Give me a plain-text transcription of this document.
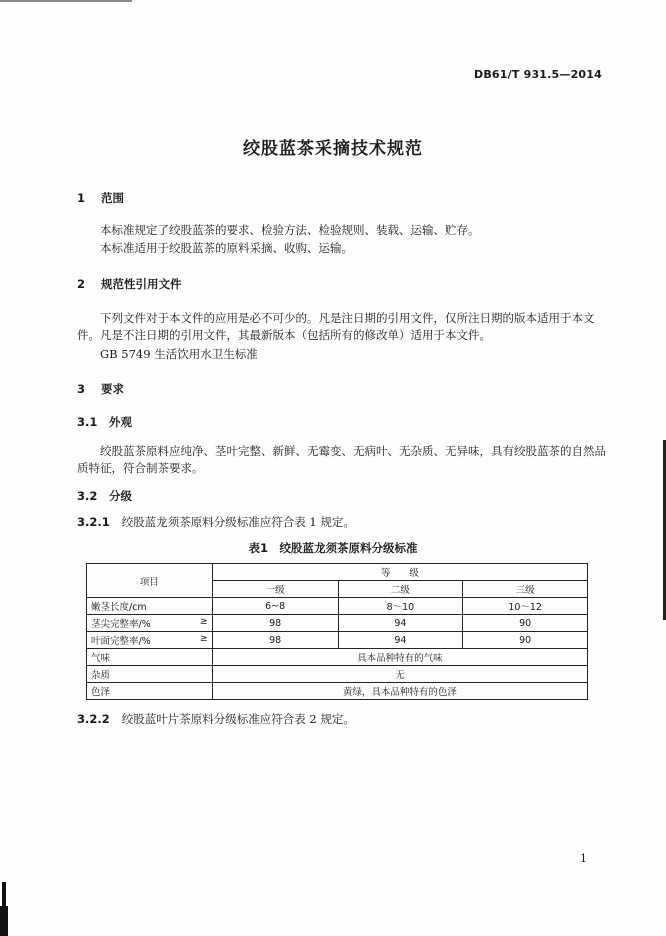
DB61/T 931.5—2014
绞股蓝茶采摘技术规范
1 范围
本标准规定了绞股蓝茶的要求、检验方法、检验规则、装载、运输、贮存。
本标准适用于绞股蓝茶的原料采摘、收购、运输。
2 规范性引用文件
下列文件对于本文件的应用是必不可少的。凡是注日期的引用文件，仅所注日期的版本适用于本文件。凡是不注日期的引用文件，其最新版本（包括所有的修改单）适用于本文件。
GB 5749 生活饮用水卫生标准
3 要求
3.1 外观
绞股蓝茶原料应纯净、茎叶完整、新鲜、无霉变、无病叶、无杂质、无异味，具有绞股蓝茶的自然品质特征，符合制茶要求。
3.2 分级
3.2.1 绞股蓝龙须茶原料分级标准应符合表 1 规定。
表1　绞股蓝龙须茶原料分级标准
项目	等　　级		
	一级	二级	三级
嫩茎长度/cm	6~8	8～10	10～12
茎尖完整率/% ≥	98	94	90
叶面完整率/% ≥	98	94	90
气味	具本品种特有的气味		
杂质	无		
色泽	黄绿，具本品种特有的色泽		
3.2.2 绞股蓝叶片茶原料分级标准应符合表 2 规定。
1
